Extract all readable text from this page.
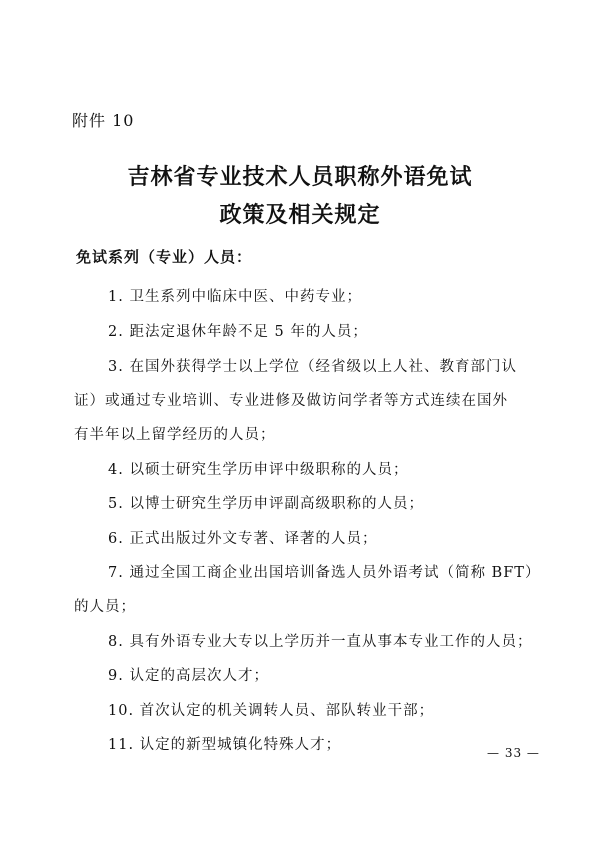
附件 10
吉林省专业技术人员职称外语免试
政策及相关规定
免试系列（专业）人员：
1. 卫生系列中临床中医、中药专业；
2. 距法定退休年龄不足 5 年的人员；
3. 在国外获得学士以上学位（经省级以上人社、教育部门认
证）或通过专业培训、专业进修及做访问学者等方式连续在国外
有半年以上留学经历的人员；
4. 以硕士研究生学历申评中级职称的人员；
5. 以博士研究生学历申评副高级职称的人员；
6. 正式出版过外文专著、译著的人员；
7. 通过全国工商企业出国培训备选人员外语考试（简称 BFT）
的人员；
8. 具有外语专业大专以上学历并一直从事本专业工作的人员；
9. 认定的高层次人才；
10. 首次认定的机关调转人员、部队转业干部；
11. 认定的新型城镇化特殊人才；	— 33 —
